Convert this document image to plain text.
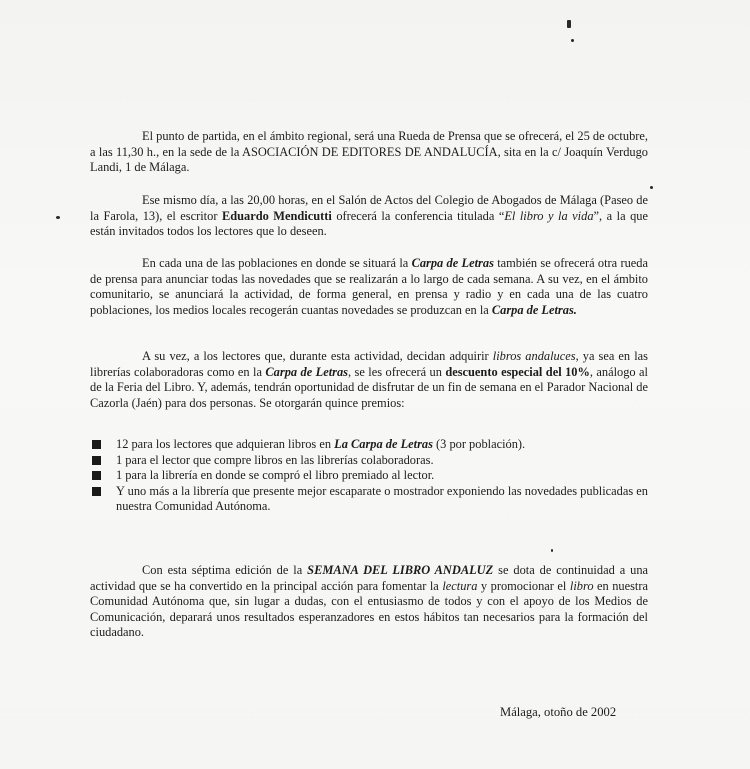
El punto de partida, en el ámbito regional, será una Rueda de Prensa que se ofrecerá, el 25 de octubre, a las 11,30 h., en la sede de la ASOCIACIÓN DE EDITORES DE ANDALUCÍA, sita en la c/ Joaquín Verdugo Landi, 1 de Málaga.

Ese mismo día, a las 20,00 horas, en el Salón de Actos del Colegio de Abogados de Málaga (Paseo de la Farola, 13), el escritor Eduardo Mendicutti ofrecerá la conferencia titulada “El libro y la vida”, a la que están invitados todos los lectores que lo deseen.

En cada una de las poblaciones en donde se situará la Carpa de Letras también se ofrecerá otra rueda de prensa para anunciar todas las novedades que se realizarán a lo largo de cada semana. A su vez, en el ámbito comunitario, se anunciará la actividad, de forma general, en prensa y radio y en cada una de las cuatro poblaciones, los medios locales recogerán cuantas novedades se produzcan en la Carpa de Letras.

A su vez, a los lectores que, durante esta actividad, decidan adquirir libros andaluces, ya sea en las librerías colaboradoras como en la Carpa de Letras, se les ofrecerá un descuento especial del 10%, análogo al de la Feria del Libro. Y, además, tendrán oportunidad de disfrutar de un fin de semana en el Parador Nacional de Cazorla (Jaén) para dos personas. Se otorgarán quince premios:

12 para los lectores que adquieran libros en La Carpa de Letras (3 por población).
1 para el lector que compre libros en las librerías colaboradoras.
1 para la librería en donde se compró el libro premiado al lector.
Y uno más a la librería que presente mejor escaparate o mostrador exponiendo las novedades publicadas en nuestra Comunidad Autónoma.

Con esta séptima edición de la SEMANA DEL LIBRO ANDALUZ se dota de continuidad a una actividad que se ha convertido en la principal acción para fomentar la lectura y promocionar el libro en nuestra Comunidad Autónoma que, sin lugar a dudas, con el entusiasmo de todos y con el apoyo de los Medios de Comunicación, deparará unos resultados esperanzadores en estos hábitos tan necesarios para la formación del ciudadano.

Málaga, otoño de 2002
